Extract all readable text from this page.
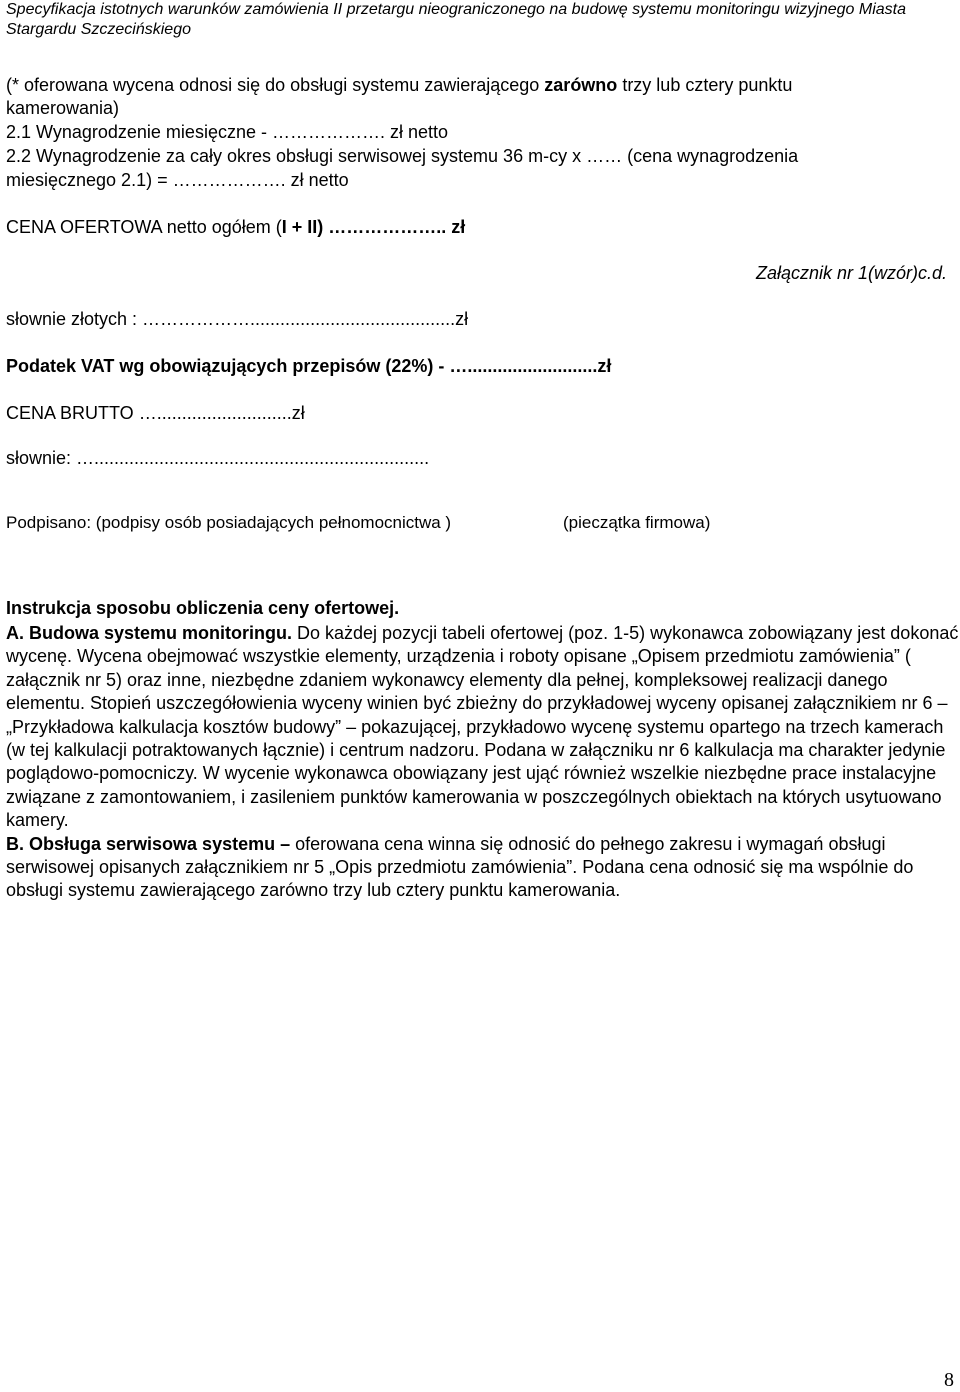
Specyfikacja istotnych warunków zamówienia II przetargu nieograniczonego na budowę systemu monitoringu wizyjnego Miasta
Stargardu Szczecińskiego
(* oferowana wycena odnosi się do obsługi systemu zawierającego zarówno trzy lub cztery punktu
kamerowania)
2.1 Wynagrodzenie miesięczne - ………………. zł netto
2.2 Wynagrodzenie za cały okres obsługi serwisowej systemu 36 m-cy x …… (cena wynagrodzenia
miesięcznego 2.1) = ………………. zł netto
CENA OFERTOWA netto ogółem (I + II) ……………….. zł
Załącznik nr 1(wzór)c.d.
słownie złotych : ……………….........................................zł
Podatek VAT wg obowiązujących przepisów (22%) - …..........................zł
CENA BRUTTO …...........................zł
słownie: …...................................................................
Podpisano: (podpisy osób posiadających pełnomocnictwa )	(pieczątka firmowa)
Instrukcja sposobu obliczenia ceny ofertowej.

A. Budowa systemu monitoringu. Do każdej pozycji tabeli ofertowej (poz. 1-5) wykonawca zobowiązany jest dokonać wycenę. Wycena obejmować wszystkie elementy, urządzenia i roboty opisane „Opisem przedmiotu zamówienia” ( załącznik nr 5) oraz inne, niezbędne zdaniem wykonawcy elementy dla pełnej, kompleksowej realizacji danego elementu. Stopień uszczegółowienia wyceny winien być zbieżny do przykładowej wyceny opisanej załącznikiem nr 6 – „Przykładowa kalkulacja kosztów budowy” – pokazującej, przykładowo wycenę systemu opartego na trzech kamerach (w tej kalkulacji potraktowanych łącznie) i centrum nadzoru. Podana w załączniku nr 6 kalkulacja ma charakter jedynie poglądowo-pomocniczy. W wycenie wykonawca obowiązany jest ująć również wszelkie niezbędne prace instalacyjne związane z zamontowaniem, i zasileniem punktów kamerowania w poszczególnych obiektach na których usytuowano kamery.

B. Obsługa serwisowa systemu – oferowana cena winna się odnosić do pełnego zakresu i wymagań obsługi serwisowej opisanych załącznikiem nr 5 „Opis przedmiotu zamówienia”. Podana cena odnosić się ma wspólnie do obsługi systemu zawierającego zarówno trzy lub cztery punktu kamerowania.

8
